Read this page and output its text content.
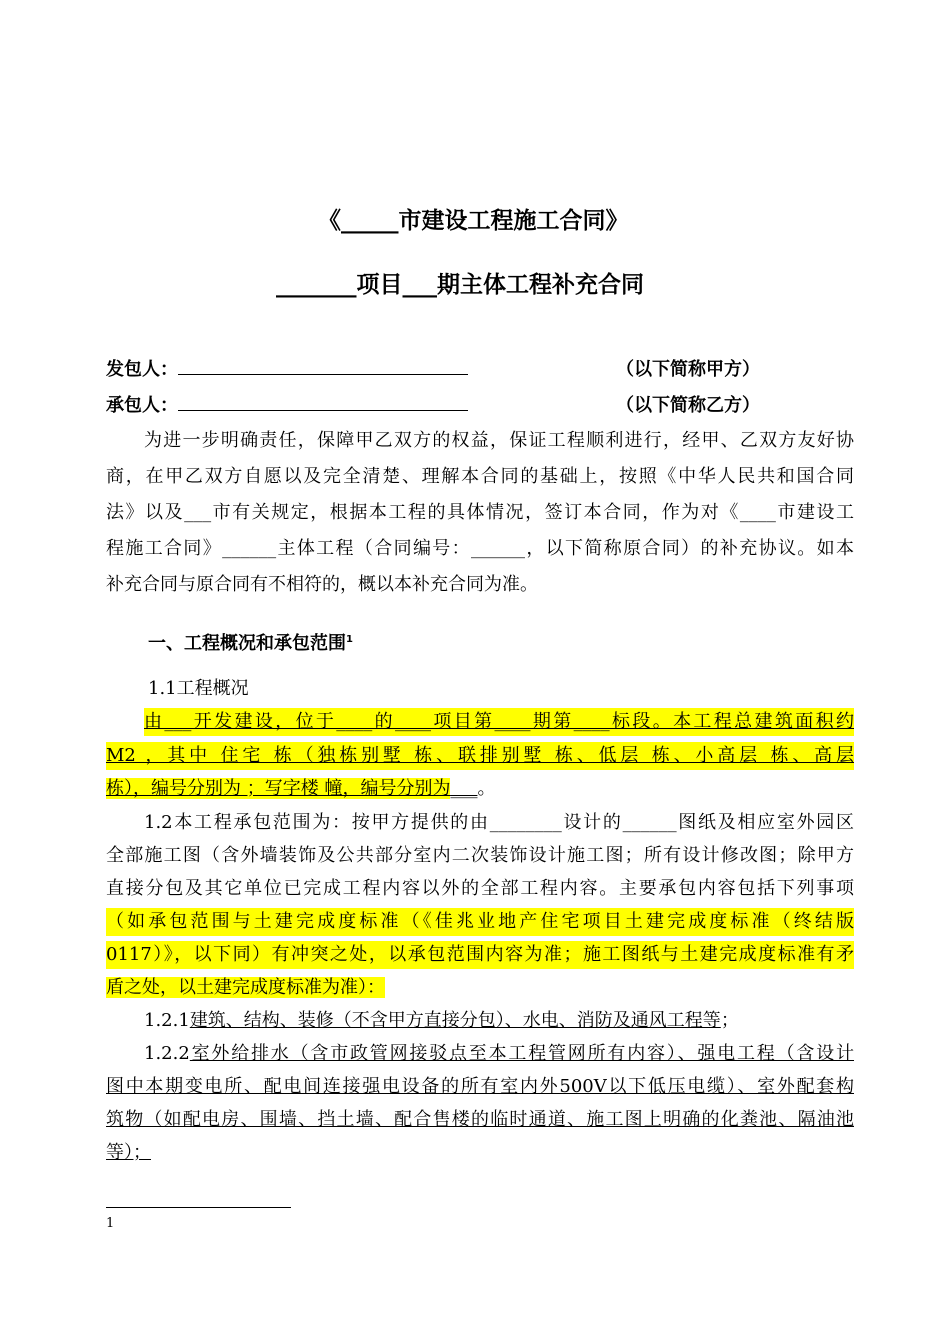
《_____市建设工程施工合同》
_______项目___期主体工程补充合同
发包人：	（以下简称甲方）
承包人：	（以下简称乙方）
为进一步明确责任，保障甲乙双方的权益，保证工程顺利进行，经甲、乙双方友好协
商，在甲乙双方自愿以及完全清楚、理解本合同的基础上，按照《中华人民共和国合同
法》以及___市有关规定，根据本工程的具体情况，签订本合同，作为对《____市建设工
程施工合同》______主体工程（合同编号：______，以下简称原合同）的补充协议。如本
补充合同与原合同有不相符的，概以本补充合同为准。
一、工程概况和承包范围$^1$
1.1工程概况
由___开发建设，位于____的____项目第____期第____标段。本工程总建筑面积约
M2 ，其中 住宅 栋（独栋别墅 栋、联排别墅 栋、低层 栋、小高层 栋、高层
栋），编号分别为 ；写字楼 幢，编号分别为___。
1.2本工程承包范围为：按甲方提供的由________设计的______图纸及相应室外园区
全部施工图（含外墙装饰及公共部分室内二次装饰设计施工图；所有设计修改图；除甲方
直接分包及其它单位已完成工程内容以外的全部工程内容。主要承包内容包括下列事项
（如承包范围与土建完成度标准（《佳兆业地产住宅项目土建完成度标准（终结版
0117）》，以下同）有冲突之处，以承包范围内容为准；施工图纸与土建完成度标准有矛
盾之处，以土建完成度标准为准）：
1.2.1建筑、结构、装修（不含甲方直接分包）、水电、消防及通风工程等；
1.2.2室外给排水（含市政管网接驳点至本工程管网所有内容）、强电工程（含设计
图中本期变电所、配电间连接强电设备的所有室内外500V以下低压电缆）、室外配套构
筑物（如配电房、围墙、挡土墙、配合售楼的临时通道、施工图上明确的化粪池、隔油池
等）；
1
